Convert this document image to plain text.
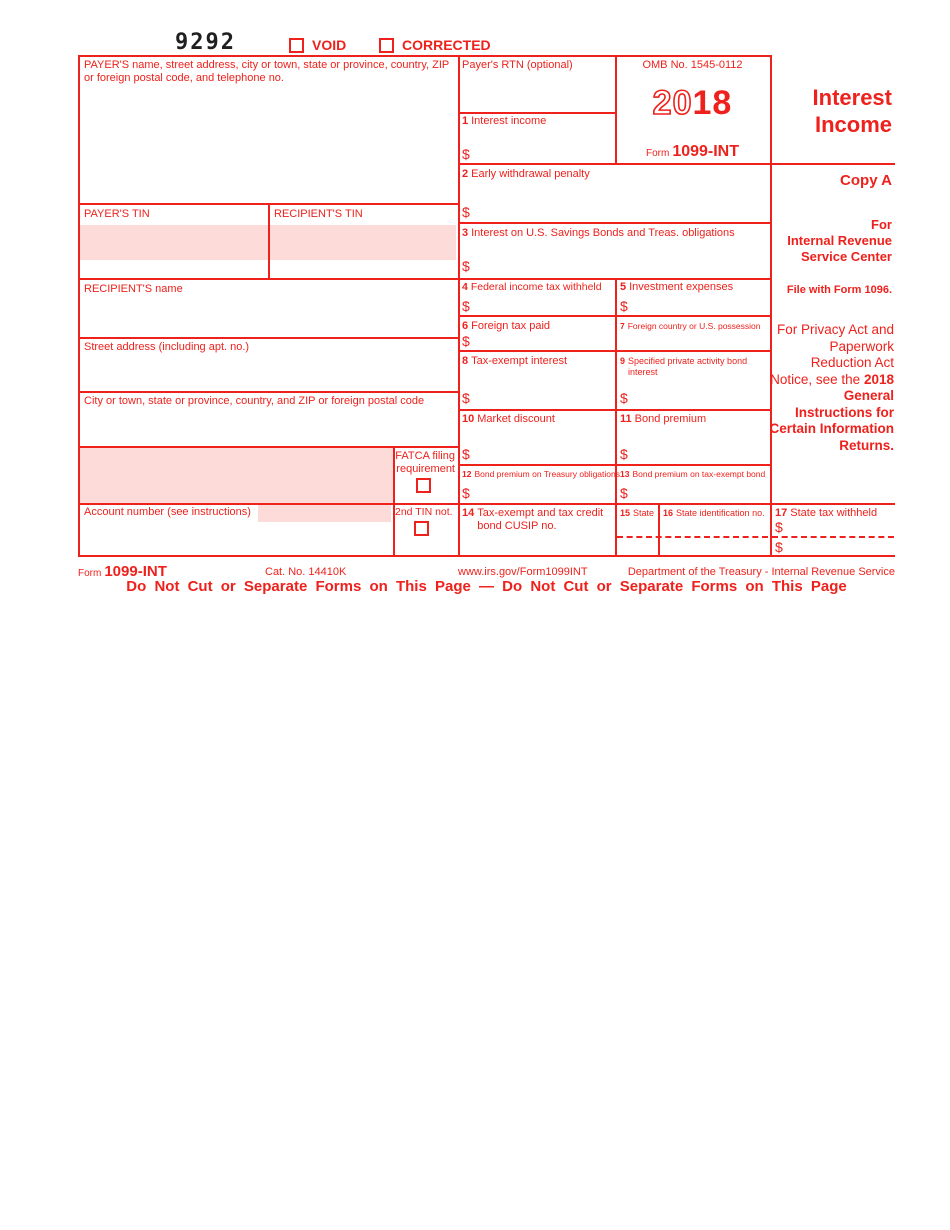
9292	VOID	CORRECTED
PAYER'S name, street address, city or town, state or province, country, ZIP or foreign postal code, and telephone no.
PAYER'S TIN	RECIPIENT'S TIN
RECIPIENT'S name
Street address (including apt. no.)
City or town, state or province, country, and ZIP or foreign postal code
FATCA filing
requirement
Account number (see instructions)	2nd TIN not.
Payer's RTN (optional)	OMB No. 1545-0112
2018
Form 1099-INT
1 Interest income
$
2 Early withdrawal penalty
$
3 Interest on U.S. Savings Bonds and Treas. obligations
$
4 Federal income tax withheld
$
5 Investment expenses
$
6 Foreign tax paid
$
7 Foreign country or U.S. possession
8 Tax-exempt interest
$
9 Specified private activity bond interest
$
10 Market discount
$
11 Bond premium
$
12 Bond premium on Treasury obligations
$
13 Bond premium on tax-exempt bond
$
14 Tax-exempt and tax credit bond CUSIP no.
15 State 16 State identification no. 17 State tax withheld
$
$
Interest
Income
Copy A
For
Internal Revenue
Service Center
File with Form 1096.
For Privacy Act and Paperwork Reduction Act Notice, see the 2018 General Instructions for Certain Information Returns.
Form 1099-INT	Cat. No. 14410K	www.irs.gov/Form1099INT	Department of the Treasury - Internal Revenue Service
Do Not Cut or Separate Forms on This Page — Do Not Cut or Separate Forms on This Page
